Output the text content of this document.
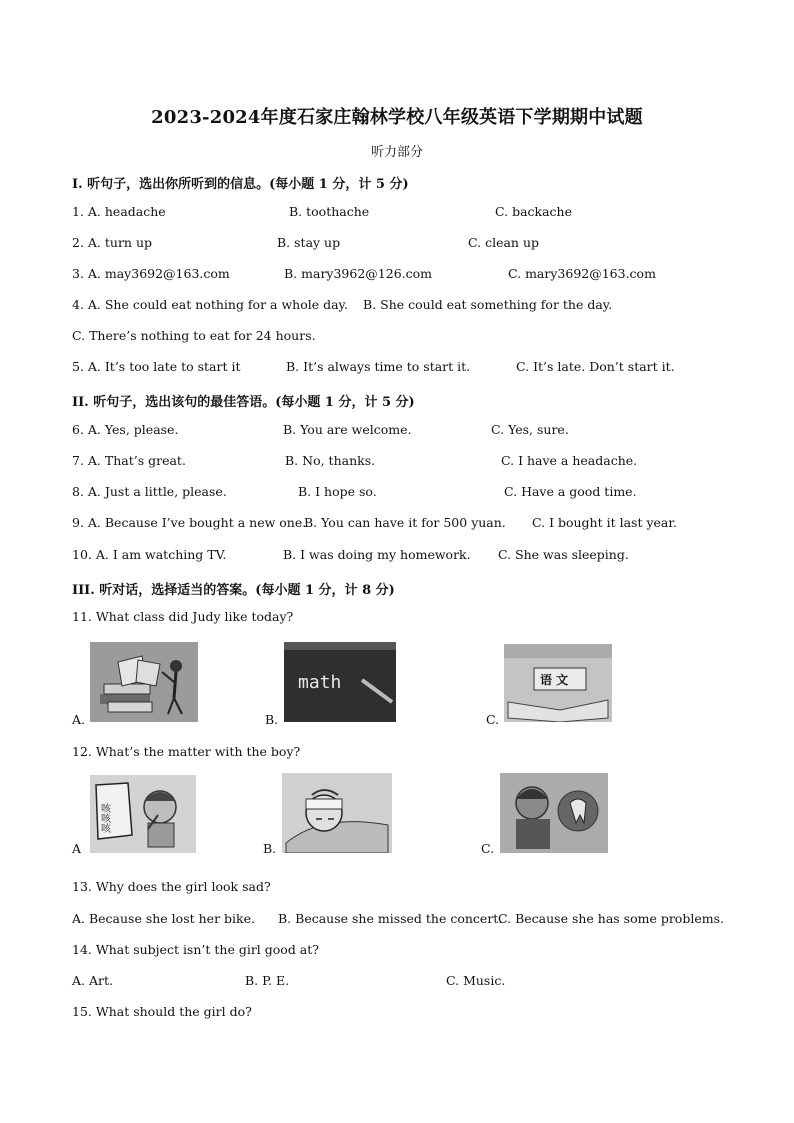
2023-2024年度石家庄翰林学校八年级英语下学期期中试题
听力部分
I. 听句子，选出你所听到的信息。(每小题 1 分，计 5 分)
1. A. headache	B. toothache	C. backache
2. A. turn up	B. stay up	C. clean up
3. A. may3692@163.com	B. mary3962@126.com	C. mary3692@163.com
4. A. She could eat nothing for a whole day. B. She could eat something for the day.
C. There’s nothing to eat for 24 hours.
5. A. It’s too late to start it	B. It’s always time to start it.	C. It’s late. Don’t start it.
II. 听句子，选出该句的最佳答语。(每小题 1 分，计 5 分)
6. A. Yes, please.	B. You are welcome.	C. Yes, sure.
7. A. That’s great.	B. No, thanks.	C. I have a headache.
8. A. Just a little, please.	B. I hope so.	C. Have a good time.
9. A. Because I’ve bought a new one.
B. You can have it for 500 yuan. C. I bought it last year.
10. A. I am watching TV.	B. I was doing my homework. C. She was sleeping.
III. 听对话，选择适当的答案。(每小题 1 分，计 8 分)
11. What class did Judy like today?
A.	B.
math
C.
语 文
12. What’s the matter with the boy?
A
咳咳咳
B.	C.
13. Why does the girl look sad?
A. Because she lost her bike. B. Because she missed the concert.
C. Because she has some problems.
14. What subject isn’t the girl good at?
A. Art.	B. P. E.	C. Music.
15. What should the girl do?
